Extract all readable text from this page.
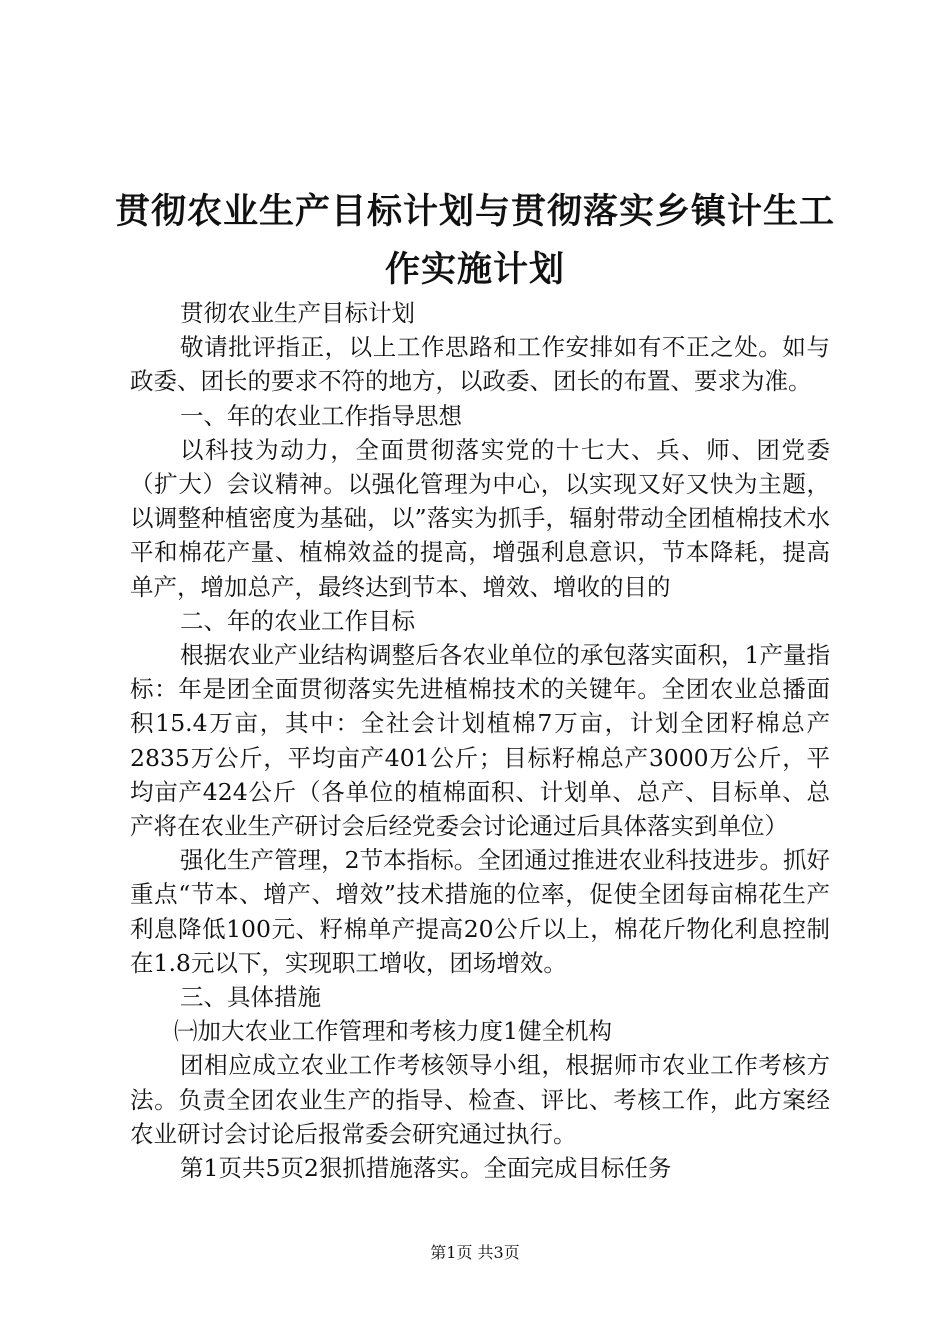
贯彻农业生产目标计划与贯彻落实乡镇计生工
作实施计划

贯彻农业生产目标计划

敬请批评指正，以上工作思路和工作安排如有不正之处。如与政委、团长的要求不符的地方，以政委、团长的布置、要求为准。

一、年的农业工作指导思想

以科技为动力，全面贯彻落实党的十七大、兵、师、团党委（扩大）会议精神。以强化管理为中心，以实现又好又快为主题，以调整种植密度为基础，以”落实为抓手，辐射带动全团植棉技术水平和棉花产量、植棉效益的提高，增强利息意识，节本降耗，提高单产，增加总产，最终达到节本、增效、增收的目的

二、年的农业工作目标

根据农业产业结构调整后各农业单位的承包落实面积，1产量指标：年是团全面贯彻落实先进植棉技术的关键年。全团农业总播面积15.4万亩，其中：全社会计划植棉7万亩，计划全团籽棉总产2835万公斤，平均亩产401公斤；目标籽棉总产3000万公斤，平均亩产424公斤（各单位的植棉面积、计划单、总产、目标单、总产将在农业生产研讨会后经党委会讨论通过后具体落实到单位）

强化生产管理，2节本指标。全团通过推进农业科技进步。抓好重点“节本、增产、增效”技术措施的位率，促使全团每亩棉花生产利息降低100元、籽棉单产提高20公斤以上，棉花斤物化利息控制在1.8元以下，实现职工增收，团场增效。

三、具体措施

㈠加大农业工作管理和考核力度1健全机构

团相应成立农业工作考核领导小组，根据师市农业工作考核方法。负责全团农业生产的指导、检查、评比、考核工作，此方案经农业研讨会讨论后报常委会研究通过执行。

第1页共5页2狠抓措施落实。全面完成目标任务

第1页 共3页
